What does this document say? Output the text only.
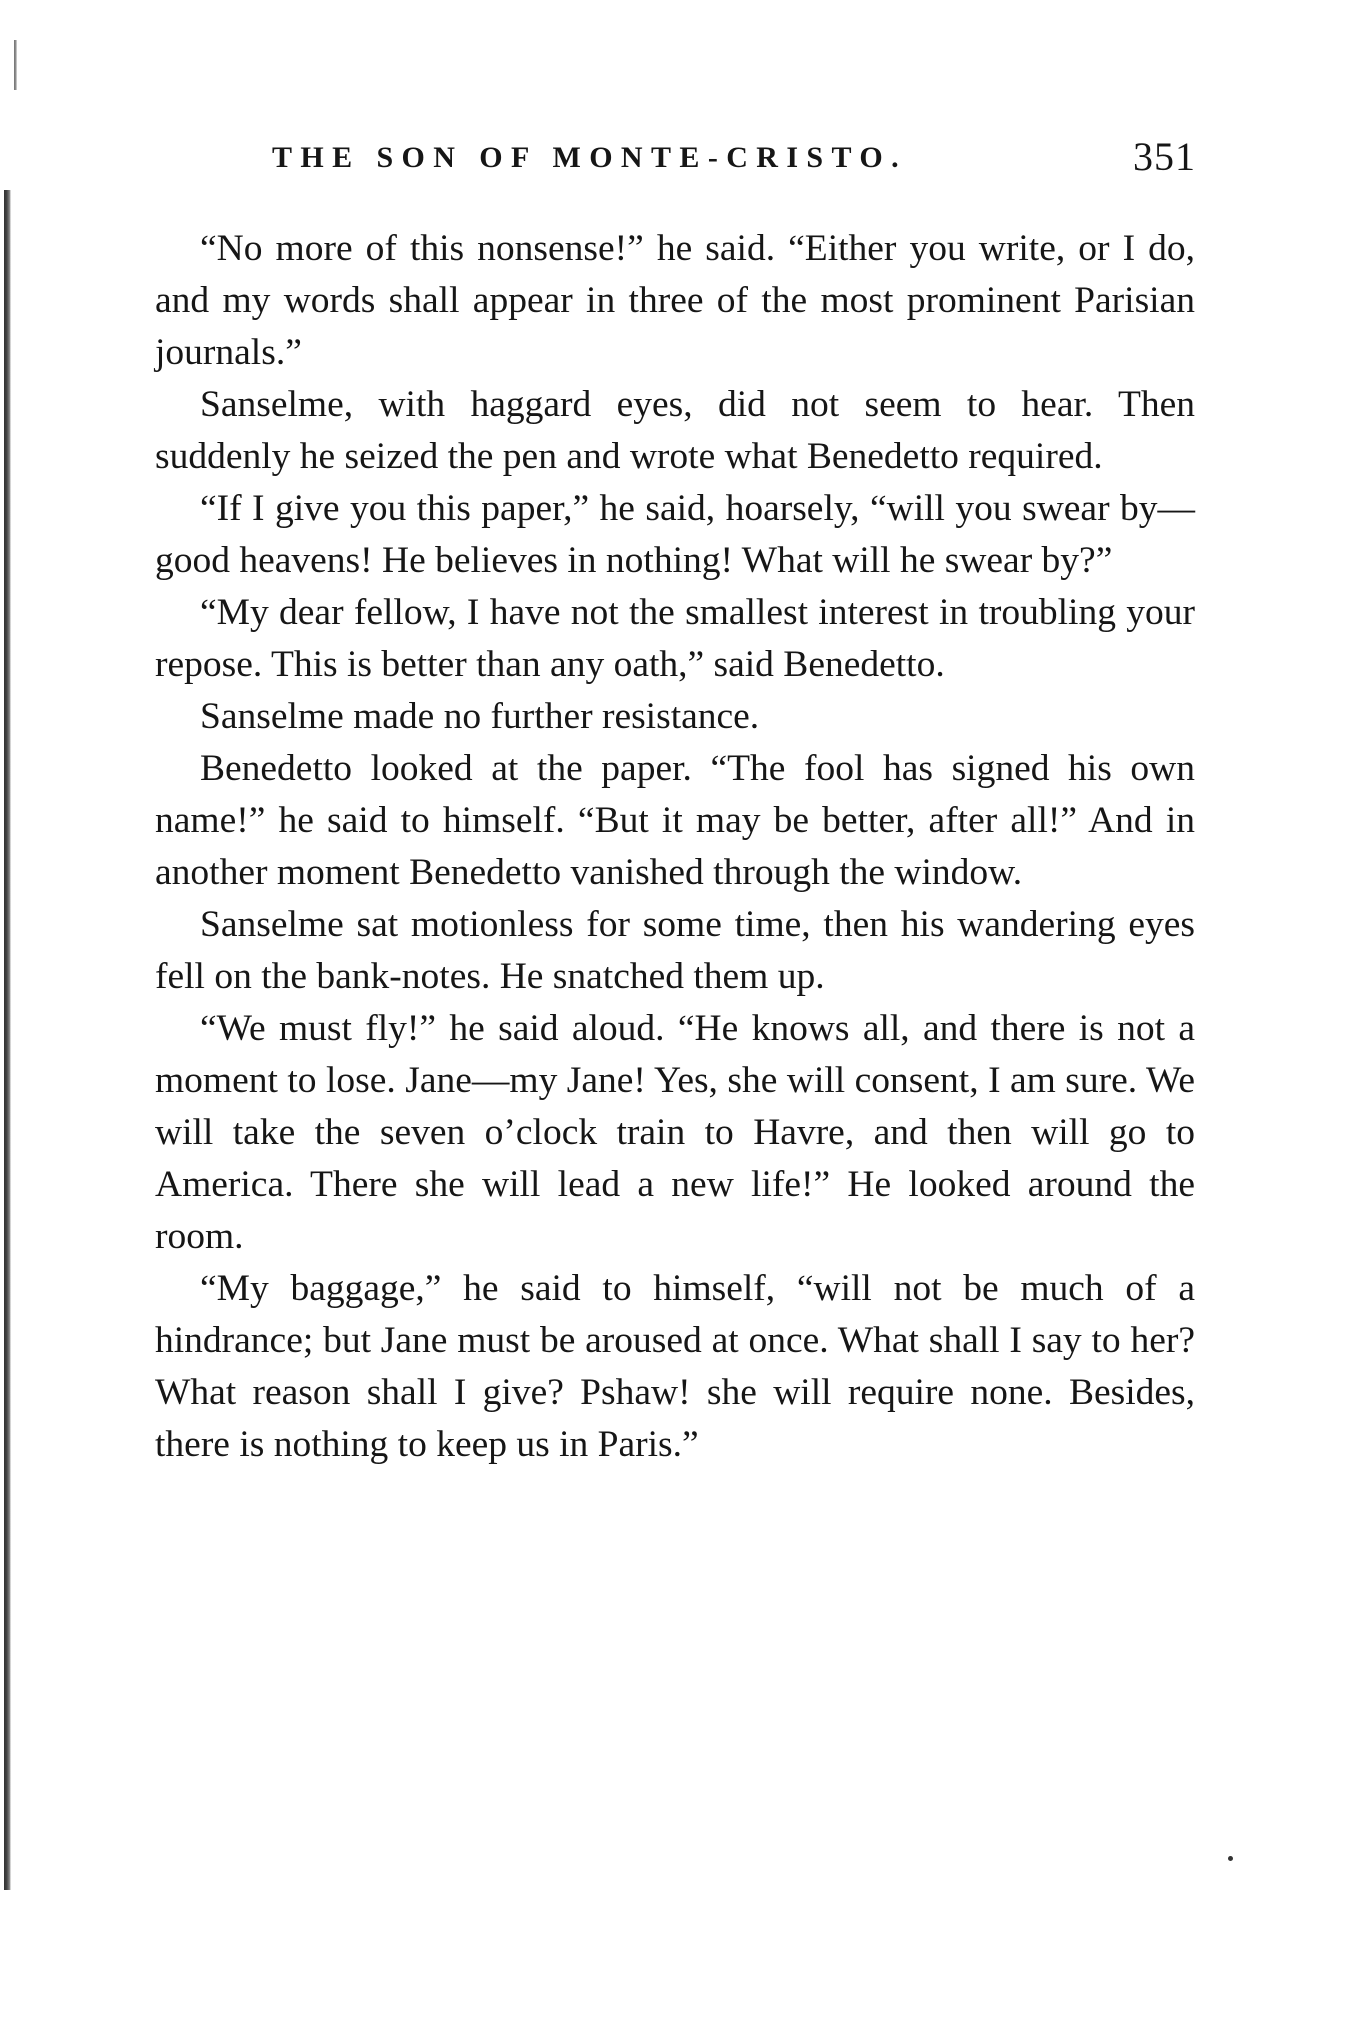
THE SON OF MONTE-CRISTO.	351

“No more of this nonsense!” he said. “Either you write, or I do, and my words shall appear in three of the most prominent Parisian journals.”

Sanselme, with haggard eyes, did not seem to hear. Then suddenly he seized the pen and wrote what Benedetto required.

“If I give you this paper,” he said, hoarsely, “will you swear by—good heavens! He believes in nothing! What will he swear by?”

“My dear fellow, I have not the smallest interest in troubling your repose. This is better than any oath,” said Benedetto.

Sanselme made no further resistance.

Benedetto looked at the paper. “The fool has signed his own name!” he said to himself. “But it may be better, after all!” And in another moment Benedetto vanished through the window.

Sanselme sat motionless for some time, then his wandering eyes fell on the bank-notes. He snatched them up.

“We must fly!” he said aloud. “He knows all, and there is not a moment to lose. Jane—my Jane! Yes, she will consent, I am sure. We will take the seven o’clock train to Havre, and then will go to America. There she will lead a new life!” He looked around the room.

“My baggage,” he said to himself, “will not be much of a hindrance; but Jane must be aroused at once. What shall I say to her? What reason shall I give? Pshaw! she will require none. Besides, there is nothing to keep us in Paris.”
